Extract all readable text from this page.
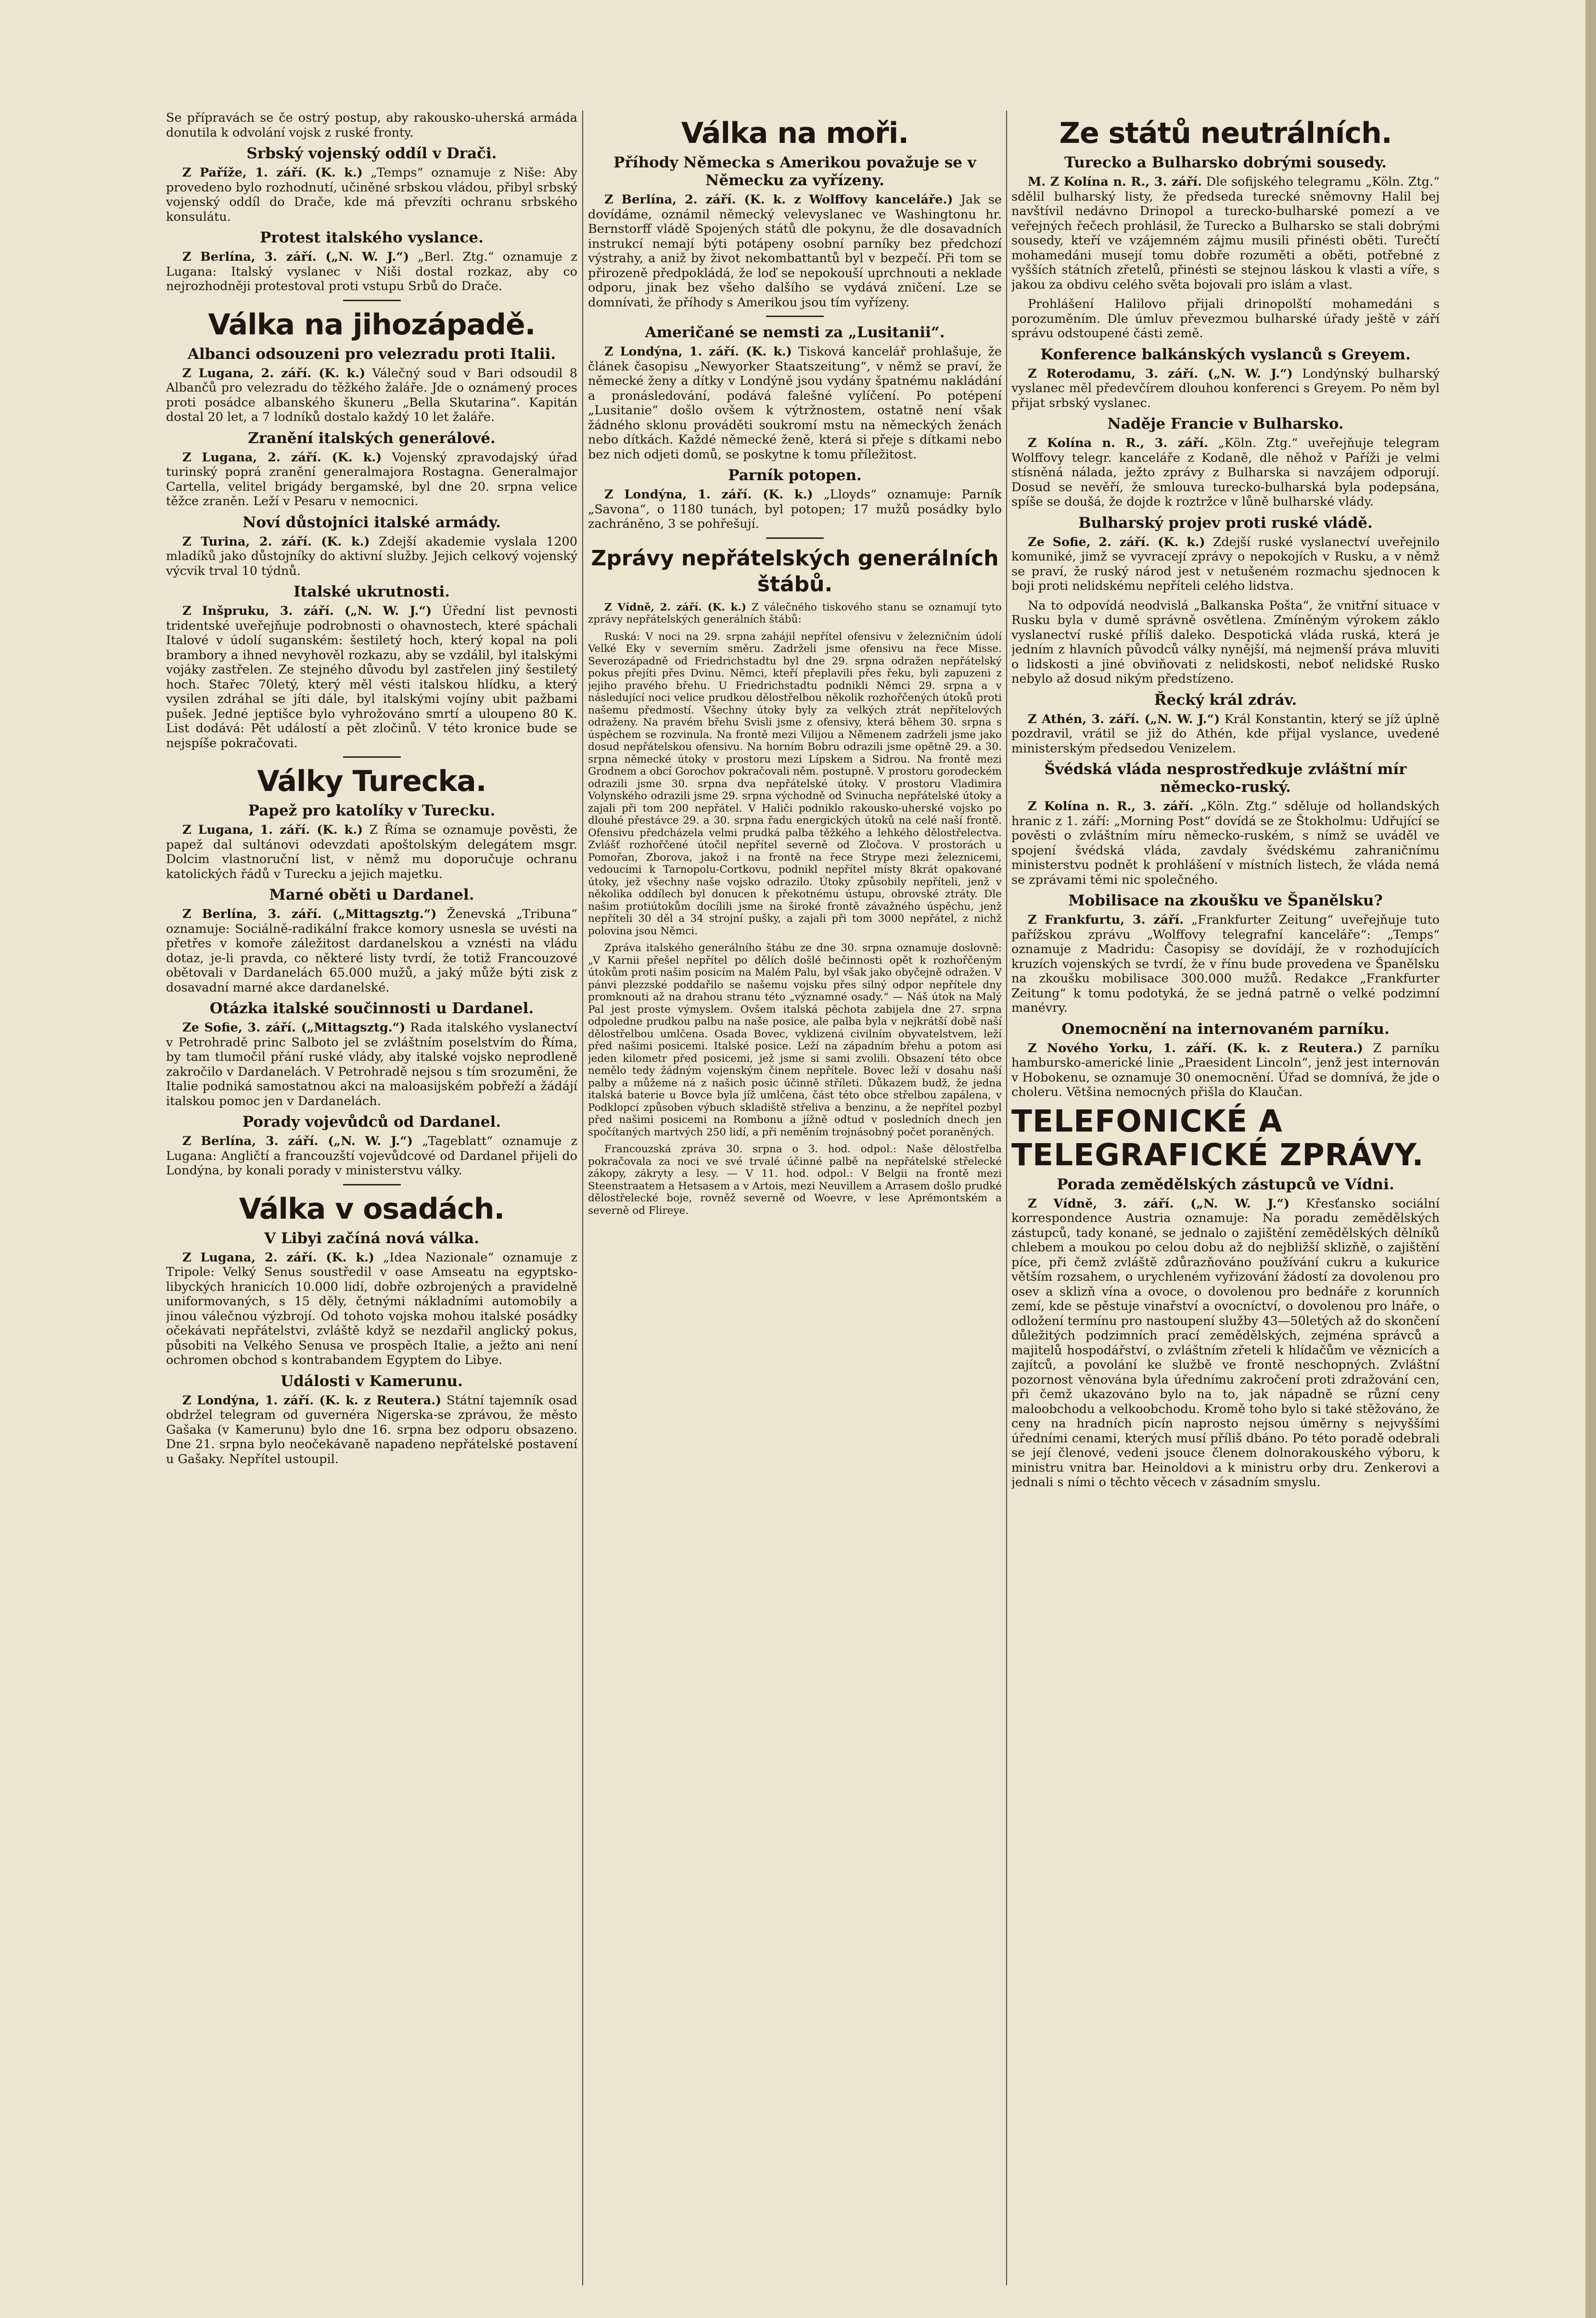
Se přípravách se če ostrý postup, aby rakousko-uherská armáda donutila k odvolání vojsk z ruské fronty.

Srbský vojenský oddíl v Drači.

Z Paříže, 1. září. (K. k.) „Temps“ oznamuje z Niše: Aby provedeno bylo rozhodnutí, učiněné srbskou vládou, přibyl srbský vojenský oddíl do Drače, kde má převzíti ochranu srbského konsulátu.

Protest italského vyslance.

Z Berlína, 3. září. („N. W. J.“) „Berl. Ztg.“ oznamuje z Lugana: Italský vyslanec v Niši dostal rozkaz, aby co nejrozhodněji protestoval proti vstupu Srbů do Drače.

Válka na jihozápadě.
Albanci odsouzeni pro velezradu proti Italii.

Z Lugana, 2. září. (K. k.) Válečný soud v Bari odsoudil 8 Albančů pro velezradu do těžkého žaláře. Jde o oznámený proces proti posádce albanského škuneru „Bella Skutarina“. Kapitán dostal 20 let, a 7 lodníků dostalo každý 10 let žaláře.

Zranění italských generálové.

Z Lugana, 2. září. (K. k.) Vojenský zpravodajský úřad turinský poprá zranění generalmajora Rostagna. Generalmajor Cartella, velitel brigády bergamské, byl dne 20. srpna velice těžce zraněn. Leží v Pesaru v nemocnici.

Noví důstojníci italské armády.

Z Turina, 2. září. (K. k.) Zdejší akademie vyslala 1200 mladíků jako důstojníky do aktivní služby. Jejich celkový vojenský výcvik trval 10 týdnů.

Italské ukrutnosti.

Z Inšpruku, 3. září. („N. W. J.“) Úřední list pevnosti tridentské uveřejňuje podrobnosti o ohavnostech, které spáchali Italové v údolí suganském: šestiletý hoch, který kopal na poli brambory a ihned nevyhověl rozkazu, aby se vzdálil, byl italskými vojáky zastřelen. Ze stejného důvodu byl zastřelen jiný šestiletý hoch. Stařec 70letý, který měl vésti italskou hlídku, a který vysilen zdráhal se jíti dále, byl italskými vojíny ubit pažbami pušek. Jedné jeptišce bylo vyhrožováno smrtí a uloupeno 80 K. List dodává: Pět událostí a pět zločinů. V této kronice bude se nejspíše pokračovati.

Války Turecka.
Papež pro katolíky v Turecku.

Z Lugana, 1. září. (K. k.) Z Říma se oznamuje pověsti, že papež dal sultánovi odevzdati apoštolským delegátem msgr. Dolcim vlastnoruční list, v němž mu doporučuje ochranu katolických řádů v Turecku a jejich majetku.

Marné oběti u Dardanel.

Z Berlína, 3. září. („Mittagsztg.“) Ženevská „Tribuna“ oznamuje: Sociálně-radikální frakce komory usnesla se uvésti na přetřes v komoře záležitost dardanelskou a vznésti na vládu dotaz, je-li pravda, co některé listy tvrdí, že totiž Francouzové obětovali v Dardanelách 65.000 mužů, a jaký může býti zisk z dosavadní marné akce dardanelské.

Otázka italské součinnosti u Dardanel.

Ze Sofie, 3. září. („Mittagsztg.“) Rada italského vyslanectví v Petrohradě princ Salboto jel se zvláštním poselstvím do Říma, by tam tlumočil přání ruské vlády, aby italské vojsko neprodleně zakročilo v Dardanelách. V Petrohradě nejsou s tím srozuměni, že Italie podniká samostatnou akci na maloasijském pobřeží a žádájí italskou pomoc jen v Dardanelách.

Porady vojevůdců od Dardanel.

Z Berlína, 3. září. („N. W. J.“) „Tageblatt“ oznamuje z Lugana: Angličtí a francouzští vojevůdcové od Dardanel přijeli do Londýna, by konali porady v ministerstvu války.

Válka v osadách.
V Libyi začíná nová válka.

Z Lugana, 2. září. (K. k.) „Idea Nazionale“ oznamuje z Tripole: Velký Senus soustředil v oase Amseatu na egyptsko-libyckých hranicích 10.000 lidí, dobře ozbrojených a pravidelně uniformovaných, s 15 děly, četnými nákladními automobily a jinou válečnou výzbrojí. Od tohoto vojska mohou italské posádky očekávati nepřátelstvi, zvláště když se nezdařil anglický pokus, působiti na Velkého Senusa ve prospěch Italie, a ježto ani není ochromen obchod s kontrabandem Egyptem do Libye.

Události v Kamerunu.

Z Londýna, 1. září. (K. k. z Reutera.) Státní tajemník osad obdržel telegram od guvernéra Nigerska-se zprávou, že město Gašaka (v Kamerunu) bylo dne 16. srpna bez odporu obsazeno. Dne 21. srpna bylo neočekávaně napadeno nepřátelské postavení u Gašaky. Nepřítel ustoupil.

Válka na moři.
Příhody Německa s Amerikou považuje se v Německu za vyřízeny.

Z Berlína, 2. září. (K. k. z Wolffovy kanceláře.) Jak se dovídáme, oznámil německý velevyslanec ve Washingtonu hr. Bernstorff vládě Spojených států dle pokynu, že dle dosavadních instrukcí nemají býti potápeny osobní parníky bez předchozí výstrahy, a aniž by život nekombattantů byl v bezpečí. Při tom se přirozeně předpokládá, že loď se nepokouší uprchnouti a neklade odporu, jinak bez všeho dalšího se vydává zničení. Lze se domnívati, že příhody s Amerikou jsou tím vyřízeny.

Američané se nemsti za „Lusitanii“.

Z Londýna, 1. září. (K. k.) Tisková kancelář prohlašuje, že článek časopisu „Newyorker Staatszeitung“, v němž se praví, že německé ženy a dítky v Londýně jsou vydány špatnému nakládání a pronásledování, podává falešné vylíčení. Po potépení „Lusitanie“ došlo ovšem k výtržnostem, ostatně není však žádného sklonu prováděti soukromí mstu na německých ženách nebo dítkách. Každé německé ženě, která si přeje s dítkami nebo bez nich odjeti domů, se poskytne k tomu příležitost.

Parník potopen.

Z Londýna, 1. září. (K. k.) „Lloyds“ oznamuje: Parník „Savona“, o 1180 tunách, byl potopen; 17 mužů posádky bylo zachráněno, 3 se pohřešují.

Zprávy nepřátelských generálních štábů.

Z Vídně, 2. září. (K. k.) Z válečného tiskového stanu se oznamují tyto zprávy nepřátelských generálních štábů:

Ruská: V noci na 29. srpna zahájil nepřítel ofensivu v železničním údolí Velké Eky v severním směru. Zadrželi jsme ofensivu na řece Misse. Severozápadně od Friedrichstadtu byl dne 29. srpna odražen nepřátelský pokus přejíti přes Dvinu. Němci, kteří přeplavili přes řeku, byli zapuzeni z jejiho pravého břehu. U Friedrichstadtu podnikli Němci 29. srpna a v následující noci velice prudkou dělostřelbou několik rozhořčených útoků proti našemu předmostí. Všechny útoky byly za velkých ztrát nepřítelových odraženy. Na pravém břehu Svisli jsme z ofensivy, která během 30. srpna s úspěchem se rozvinula. Na frontě mezi Vilijou a Němenem zadrželi jsme jako dosud nepřátelskou ofensivu. Na horním Bobru odrazili jsme opětně 29. a 30. srpna německé útoky v prostoru mezi Lípskem a Sidrou. Na frontě mezi Grodnem a obcí Gorochov pokračovali něm. postupně. V prostoru gorodeckém odrazili jsme 30. srpna dva nepřátelské útoky. V prostoru Vladimira Volynského odrazili jsme 29. srpna východně od Svinucha nepřátelské útoky a zajali při tom 200 nepřátel. V Haliči podniklo rakousko-uherské vojsko po dlouhé přestávce 29. a 30. srpna řadu energických útoků na celé naší frontě. Ofensivu předcházela velmi prudká palba těžkého a lehkého dělostřelectva. Zvlášť rozhořčené útočil nepřítel severně od Zločova. V prostorách u Pomořan, Zborova, jakož i na frontě na řece Strype mezi železnicemi, vedoucími k Tarnopolu-Cortkovu, podnikl nepřítel místy 8krát opakované útoky, jež všechny naše vojsko odrazilo. Útoky způsobily nepříteli, jenž v několika oddílech byl donucen k překotnému ústupu, obrovské ztráty. Dle našim protiútokům docílili jsme na široké frontě závažného úspěchu, jenž nepříteli 30 děl a 34 strojní pušky, a zajali při tom 3000 nepřátel, z nichž polovina jsou Němci.

Zpráva italského generálního štábu ze dne 30. srpna oznamuje doslovně: „V Karnii přešel nepřítel po dělích došlé bečinnosti opět k rozhořčeným útokům proti našim posicím na Malém Palu, byl však jako obyčejně odražen. V pánvi plezzské poddařilo se našemu vojsku přes silný odpor nepřítele dny promknouti až na drahou stranu této „významné osady.“ — Náš útok na Malý Pal jest proste výmyslem. Ovšem italská pěchota zabijela dne 27. srpna odpoledne prudkou palbu na naše posice, ale palba byla v nejkrátší době naší dělostřelbou umlčena. Osada Bovec, vyklizená civilním obyvatelstvem, leží před našimi posicemi. Italské posice. Leží na západním břehu a potom asi jeden kilometr před posicemi, jež jsme si sami zvolili. Obsazení této obce nemělo tedy žádným vojenským činem nepřítele. Bovec leží v dosahu naší palby a můžeme ná z našich posic účinně stříleti. Důkazem budž, že jedna italská baterie u Bovce byla jíž umlčena, část této obce střelbou zapálena, v Podklopcí způsoben výbuch skladiště střeliva a benzinu, a že nepřítel pozbyl před našimi posicemi na Rombonu a jížně odtud v posledních dnech jen spočítaných martvých 250 lidí, a při neměním trojnásobný počet poraněných.

Francouzská zpráva 30. srpna o 3. hod. odpol.: Naše dělostřelba pokračovala za noci ve své trvalé účinné palbě na nepřátelské střelecké zákopy, zákryty a lesy. — V 11. hod. odpol.: V Belgii na frontě mezi Steenstraatem a Hetsasem a v Artois, mezi Neuvillem a Arrasem došlo prudké dělostřelecké boje, rovněž severně od Woevre, v lese Aprémontském a severně od Flireye.

Ze států neutrálních.
Turecko a Bulharsko dobrými sousedy.

M. Z Kolína n. R., 3. září. Dle sofijského telegramu „Köln. Ztg.“ sdělil bulharský listy, že předseda turecké sněmovny Halil bej navštívil nedávno Drinopol a turecko-bulharské pomezí a ve veřejných řečech prohlásil, že Turecko a Bulharsko se stali dobrými sousedy, kteří ve vzájemném zájmu musili přinésti oběti. Turečtí mohamedáni musejí tomu dobře rozuměti a oběti, potřebné z vyšších státních zřetelů, přinésti se stejnou láskou k vlasti a víře, s jakou za obdivu celého světa bojovali pro islám a vlast.

Prohlášení Halilovo přijali drinopolští mohamedáni s porozuměním. Dle úmluv převezmou bulharské úřady ještě v září správu odstoupené části země.

Konference balkánských vyslanců s Greyem.

Z Roterodamu, 3. září. („N. W. J.“) Londýnský bulharský vyslanec měl předevčírem dlouhou konferenci s Greyem. Po něm byl přijat srbský vyslanec.

Naděje Francie v Bulharsko.

Z Kolína n. R., 3. září. „Köln. Ztg.“ uveřejňuje telegram Wolffovy telegr. kanceláře z Kodaně, dle něhož v Paříži je velmi stísněná nálada, ježto zprávy z Bulharska si navzájem odporují. Dosud se nevěří, že smlouva turecko-bulharská byla podepsána, spíše se doušá, že dojde k roztržce v lůně bulharské vlády.

Bulharský projev proti ruské vládě.

Ze Sofie, 2. září. (K. k.) Zdejší ruské vyslanectví uveřejnilo komuniké, jimž se vyvracejí zprávy o nepokojích v Rusku, a v němž se praví, že ruský národ jest v netušeném rozmachu sjednocen k boji proti nelidskému nepříteli celého lidstva.

Na to odpovídá neodvislá „Balkanska Pošta“, že vnitřní situace v Rusku byla v dumě správně osvětlena. Zmíněným výrokem záklo vyslanectví ruské příliš daleko. Despotická vláda ruská, která je jedním z hlavních původců války nynější, má nejmenší práva mluviti o lidskosti a jiné obviňovati z nelidskosti, neboť nelidské Rusko nebylo až dosud nikým předstízeno.

Řecký král zdráv.

Z Athén, 3. září. („N. W. J.“) Král Konstantin, který se jíž úplně pozdravil, vrátil se již do Athén, kde přijal vyslance, uvedené ministerským předsedou Venizelem.

Švédská vláda nesprostředkuje zvláštní mír německo-ruský.

Z Kolína n. R., 3. září. „Köln. Ztg.“ sděluje od hollandských hranic z 1. září: „Morning Post“ dovídá se ze Štokholmu: Udřující se pověsti o zvláštním míru německo-ruském, s nímž se uváděl ve spojení švédská vláda, zavdaly švédskému zahraničnímu ministerstvu podnět k prohlášení v místních listech, že vláda nemá se zprávami těmi nic společného.

Mobilisace na zkoušku ve Španělsku?

Z Frankfurtu, 3. září. „Frankfurter Zeitung“ uveřejňuje tuto pařížskou zprávu „Wolffovy telegrafní kanceláře“: „Temps“ oznamuje z Madridu: Časopisy se dovídájí, že v rozhodujících kruzích vojenských se tvrdí, že v řínu bude provedena ve Španělsku na zkoušku mobilisace 300.000 mužů. Redakce „Frankfurter Zeitung“ k tomu podotyká, že se jedná patrně o velké podzimní manévry.

Onemocnění na internovaném parníku.

Z Nového Yorku, 1. září. (K. k. z Reutera.) Z parníku hambursko-americké linie „Praesident Lincoln“, jenž jest internován v Hobokenu, se oznamuje 30 onemocnění. Úřad se domnívá, že jde o choleru. Většina nemocných přišla do Klaučan.

TELEFONICKÉ A TELEGRAFICKÉ ZPRÁVY.
Porada zemědělských zástupců ve Vídni.

Z Vídně, 3. září. („N. W. J.“) Křesťansko sociální korrespondence Austria oznamuje: Na poradu zemědělských zástupců, tady konané, se jednalo o zajištění zemědělských dělníků chlebem a moukou po celou dobu až do nejbližší sklizňě, o zajištění píce, při čemž zvláště zdůrazňováno používání cukru a kukurice větším rozsahem, o urychleném vyřizování žádostí za dovolenou pro osev a sklizň vína a ovoce, o dovolenou pro bednáře z korunních zemí, kde se pěstuje vinařství a ovocníctví, o dovolenou pro lnáře, o odložení termínu pro nastoupení služby 43—50letých až do skončení důležitých podzimních prací zemědělských, zejména správců a majitelů hospodářství, o zvláštním zřeteli k hlídačům ve věznicích a zajítců, a povolání ke službě ve frontě neschopných. Zvláštní pozornost věnována byla úřednímu zakročení proti zdražování cen, při čemž ukazováno bylo na to, jak nápadně se různí ceny maloobchodu a velkoobchodu. Kromě toho bylo si také stěžováno, že ceny na hradních picín naprosto nejsou úměrny s nejvyššími úředními cenami, kterých musí příliš dbáno. Po této poradě odebrali se její členové, vedeni jsouce členem dolnorakouského výboru, k ministru vnitra bar. Heinoldovi a k ministru orby dru. Zenkerovi a jednali s ními o těchto věcech v zásadním smyslu.
